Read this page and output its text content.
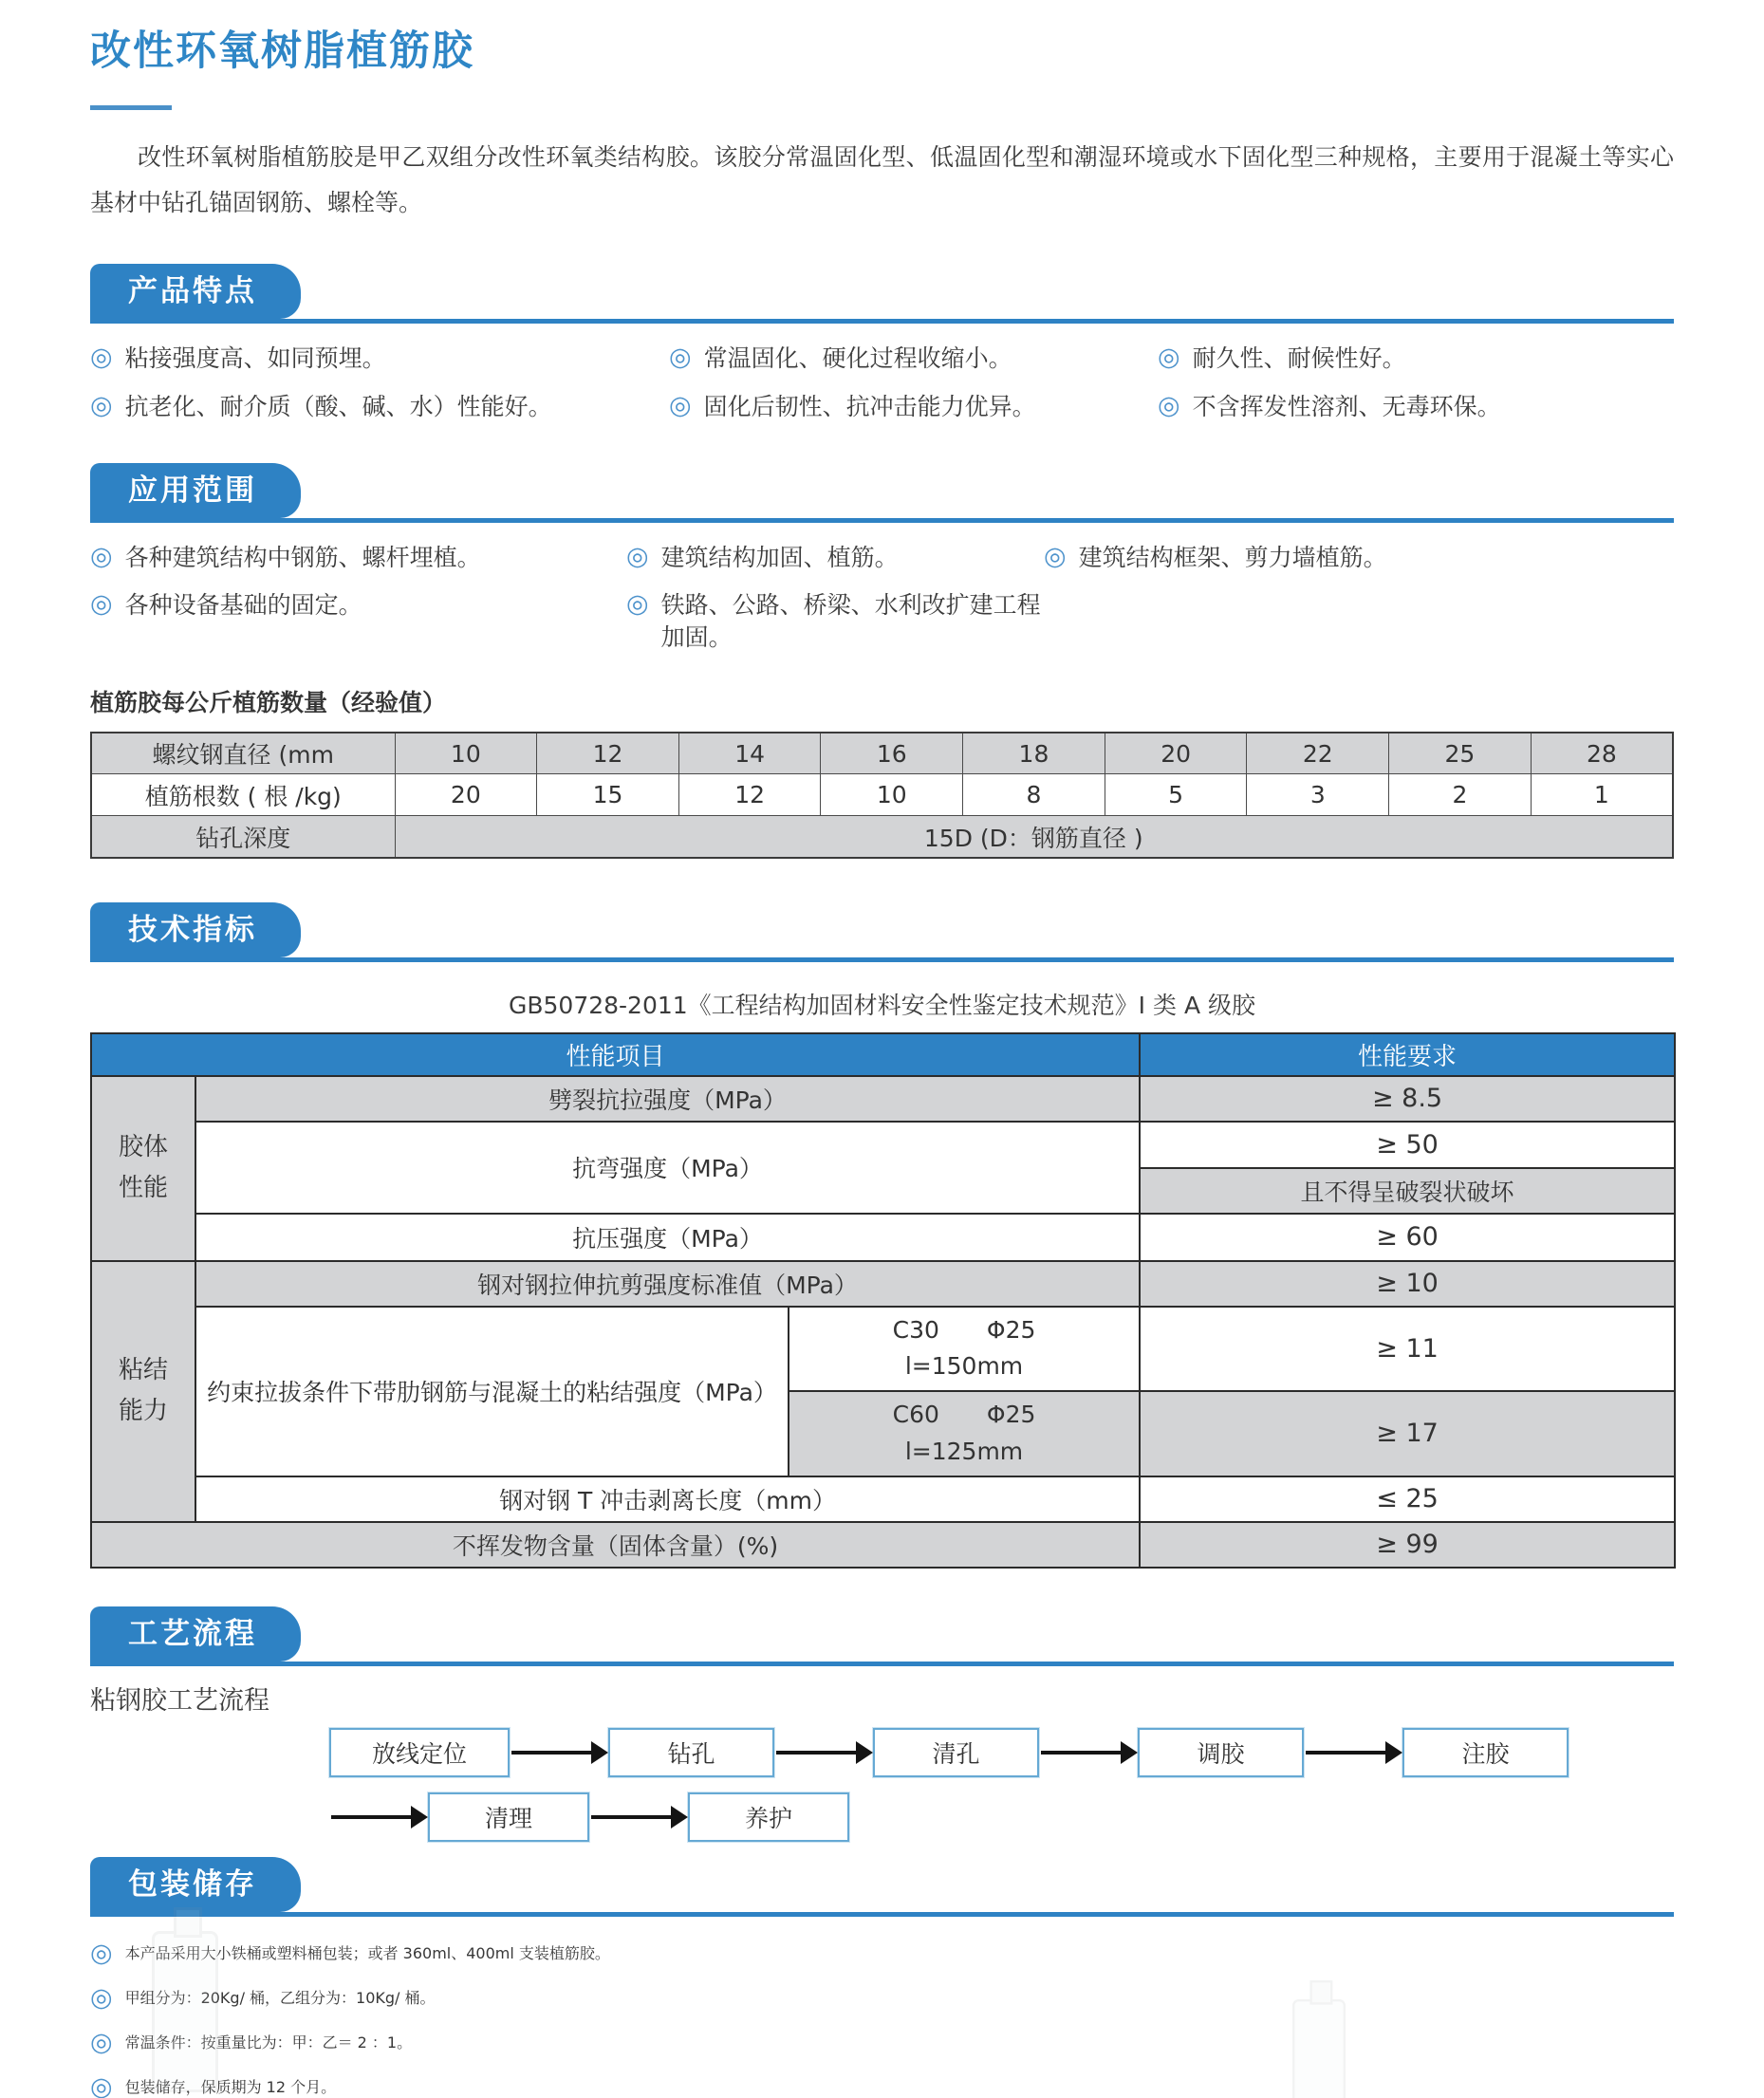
改性环氧树脂植筋胶
改性环氧树脂植筋胶是甲乙双组分改性环氧类结构胶。该胶分常温固化型、低温固化型和潮湿环境或水下固化型三种规格，主要用于混凝土等实心基材中钻孔锚固钢筋、螺栓等。
产品特点
◎ 粘接强度高、如同预埋。	◎ 常温固化、硬化过程收缩小。	◎ 耐久性、耐候性好。
◎ 抗老化、耐介质（酸、碱、水）性能好。	◎ 固化后韧性、抗冲击能力优异。	◎ 不含挥发性溶剂、无毒环保。
应用范围
◎ 各种建筑结构中钢筋、螺杆埋植。	◎ 建筑结构加固、植筋。	◎ 建筑结构框架、剪力墙植筋。
◎ 各种设备基础的固定。	◎ 铁路、公路、桥梁、水利改扩建工程加固。
植筋胶每公斤植筋数量（经验值）
螺纹钢直径 (mm	10	12	14	16	18	20	22	25	28
植筋根数 ( 根 /kg)	20	15	12	10	8	5	3	2	1
钻孔深度	15D (D：钢筋直径 )								
技术指标
GB50728-2011《工程结构加固材料安全性鉴定技术规范》I 类 A 级胶
性能项目			性能要求
胶体性能	劈裂抗拉强度（MPa）		≥ 8.5
	抗弯强度（MPa）		≥ 50
			且不得呈破裂状破坏
	抗压强度（MPa）		≥ 60
粘结能力	钢对钢拉伸抗剪强度标准值（MPa）		≥ 10
	约束拉拔条件下带肋钢筋与混凝土的粘结强度（MPa）	C30　　Φ25
l=150mm	≥ 11

		C60　　Φ25
l=125mm	≥ 17
	钢对钢 T 冲击剥离长度（mm）		≤ 25
不挥发物含量（固体含量）(%)			≥ 99
工艺流程
粘钢胶工艺流程
放线定位	钻孔	清孔	调胶	注胶
清理	养护
包装储存
◎ 本产品采用大小铁桶或塑料桶包装；或者 360ml、400ml 支装植筋胶。
◎ 甲组分为：20Kg/ 桶，乙组分为：10Kg/ 桶。
◎ 常温条件：按重量比为：甲：乙＝ 2 ：1。
◎ 包装储存，保质期为 12 个月。
